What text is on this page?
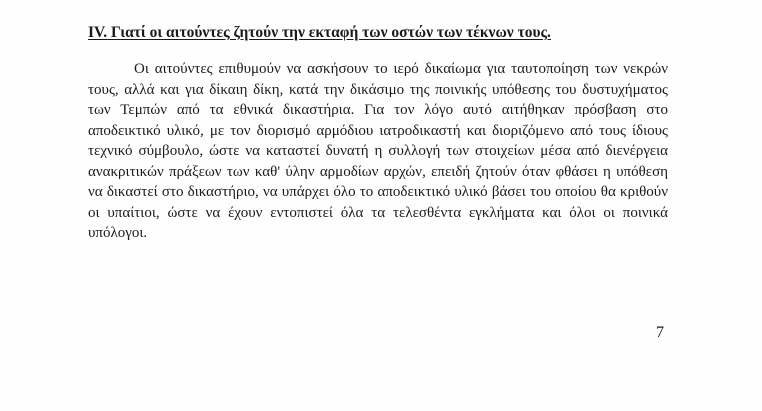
IV. Γιατί οι αιτούντες ζητούν την εκταφή των οστών των τέκνων τους.

Οι αιτούντες επιθυμούν να ασκήσουν το ιερό δικαίωμα για ταυτοποίηση των νεκρών
τους, αλλά και για δίκαιη δίκη, κατά την δικάσιμο της ποινικής υπόθεσης του δυστυχήματος
των Τεμπών από τα εθνικά δικαστήρια. Για τον λόγο αυτό αιτήθηκαν πρόσβαση στο
αποδεικτικό υλικό, με τον διορισμό αρμόδιου ιατροδικαστή και διοριζόμενο από τους ίδιους
τεχνικό σύμβουλο, ώστε να καταστεί δυνατή η συλλογή των στοιχείων μέσα από διενέργεια
ανακριτικών πράξεων των καθ' ύλην αρμοδίων αρχών, επειδή ζητούν όταν φθάσει η υπόθεση
να δικαστεί στο δικαστήριο, να υπάρχει όλο το αποδεικτικό υλικό βάσει του οποίου θα κριθούν
οι υπαίτιοι, ώστε να έχουν εντοπιστεί όλα τα τελεσθέντα εγκλήματα και όλοι οι ποινικά
υπόλογοι.

7
